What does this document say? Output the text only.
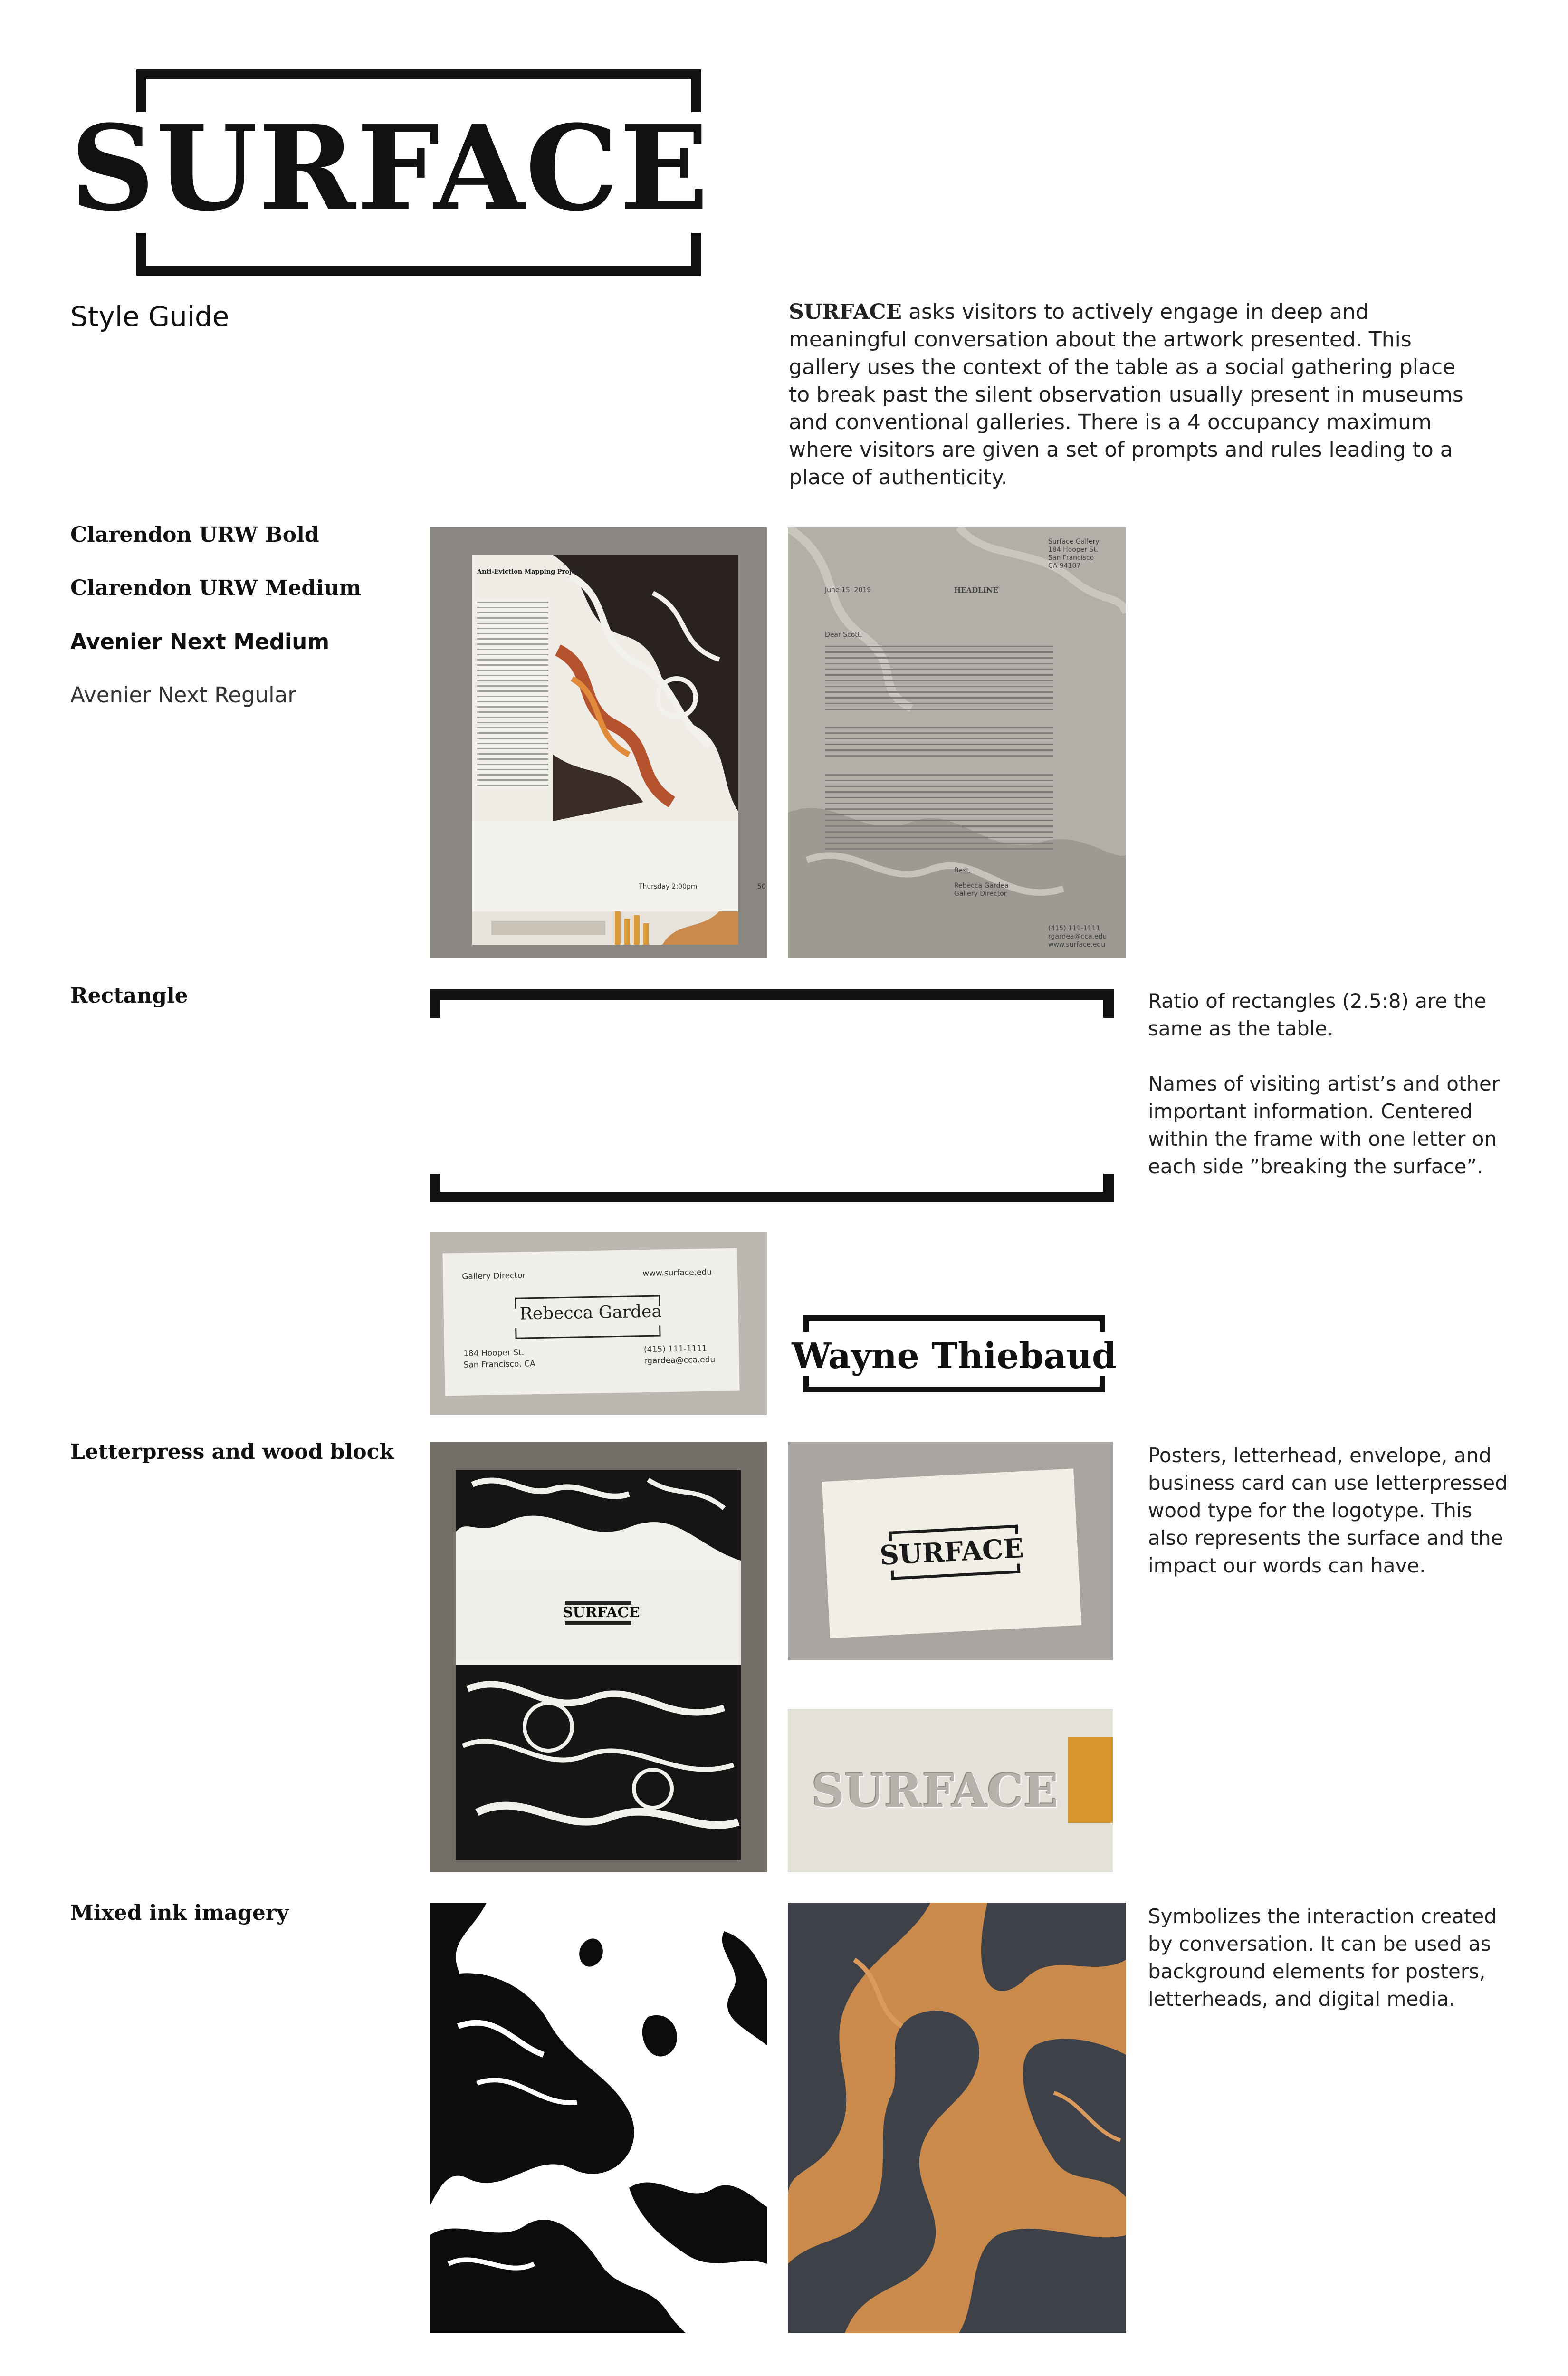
SURFACE
Style Guide	SURFACE asks visitors to actively engage in deep and meaningful conversation about the artwork presented. This gallery uses the context of the table as a social gathering place to break past the silent observation usually present in museums and conventional galleries. There is a 4 occupancy maximum where visitors are given a set of prompts and rules leading to a place of authenticity.
Clarendon URW Bold
Clarendon URW Medium
Avenier Next Medium
Avenier Next Regular
Anti-Eviction Mapping Project
Thursday 2:00pm	50
Surface Gallery
184 Hooper St.
San Francisco
CA 94107
June 15, 2019	HEADLINE
Dear Scott,
Best,
Rebecca Gardea
Gallery Director
(415) 111-1111
rgardea@cca.edu
www.surface.edu
Rectangle	Ratio of rectangles (2.5:8) are the same as the table.
Names of visiting artist’s and other important information. Centered within the frame with one letter on each side ”breaking the surface”.
Gallery Director	www.surface.edu
Rebecca Gardea
184 Hooper St.
San Francisco, CA
(415) 111-1111
rgardea@cca.edu	Wayne Thiebaud
Letterpress and wood block
SURFACE
SURFACE
SURFACE
Posters, letterhead, envelope, and business card can use letterpressed wood type for the logotype. This also represents the surface and the impact our words can have.
Mixed ink imagery	Symbolizes the interaction created by conversation. It can be used as background elements for posters, letterheads, and digital media.
